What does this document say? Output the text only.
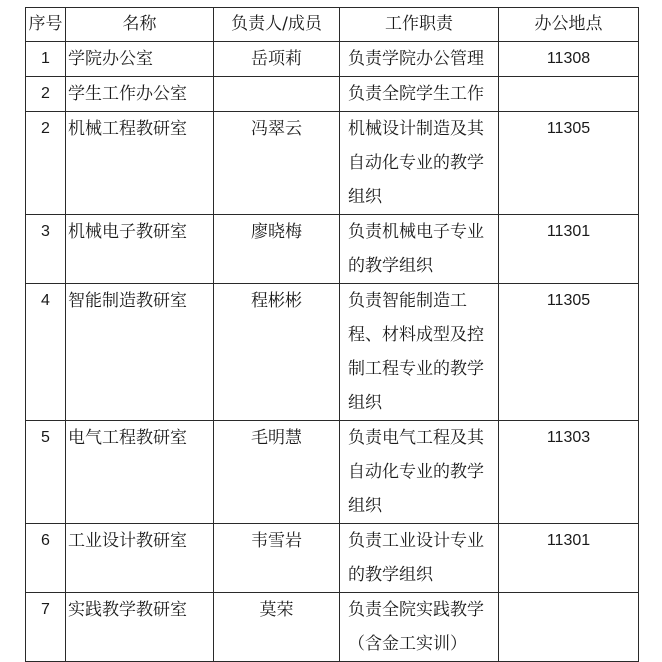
序号	名称	负责人/成员	工作职责	办公地点
1	学院办公室	岳项莉	负责学院办公管理	11308
2	学生工作办公室		负责全院学生工作	
2	机械工程教研室	冯翠云	机械设计制造及其自动化专业的教学组织	11305
3	机械电子教研室	廖晓梅	负责机械电子专业的教学组织	11301
4	智能制造教研室	程彬彬	负责智能制造工程、材料成型及控制工程专业的教学组织	11305
5	电气工程教研室	毛明慧	负责电气工程及其自动化专业的教学组织	11303
6	工业设计教研室	韦雪岩	负责工业设计专业的教学组织	11301
7	实践教学教研室	莫荣	负责全院实践教学（含金工实训）	
